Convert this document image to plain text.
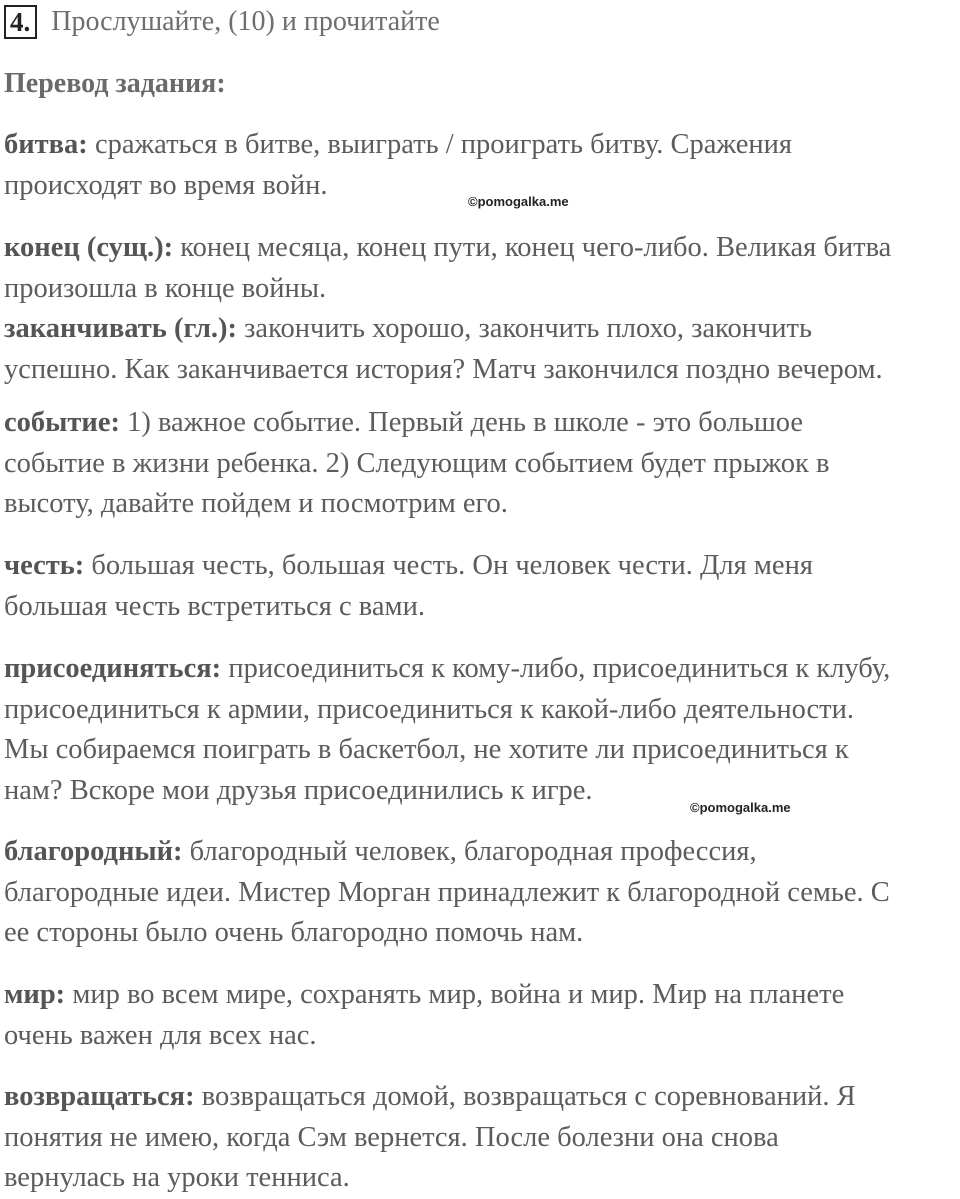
4. Прослушайте, (10) и прочитайте
Перевод задания:

битва: сражаться в битве, выиграть / проиграть битву. Сражения
происходят во время войн.

©pomogalka.me

конец (сущ.): конец месяца, конец пути, конец чего-либо. Великая битва
произошла в конце войны.

заканчивать (гл.): закончить хорошо, закончить плохо, закончить
успешно. Как заканчивается история? Матч закончился поздно вечером.

событие: 1) важное событие. Первый день в школе - это большое
событие в жизни ребенка. 2) Следующим событием будет прыжок в
высоту, давайте пойдем и посмотрим его.

честь: большая честь, большая честь. Он человек чести. Для меня
большая честь встретиться с вами.

присоединяться: присоединиться к кому-либо, присоединиться к клубу,
присоединиться к армии, присоединиться к какой-либо деятельности.
Мы собираемся поиграть в баскетбол, не хотите ли присоединиться к
нам? Вскоре мои друзья присоединились к игре.

©pomogalka.me

благородный: благородный человек, благородная профессия,
благородные идеи. Мистер Морган принадлежит к благородной семье. С
ее стороны было очень благородно помочь нам.

мир: мир во всем мире, сохранять мир, война и мир. Мир на планете
очень важен для всех нас.

возвращаться: возвращаться домой, возвращаться с соревнований. Я
понятия не имею, когда Сэм вернется. После болезни она снова
вернулась на уроки тенниса.
